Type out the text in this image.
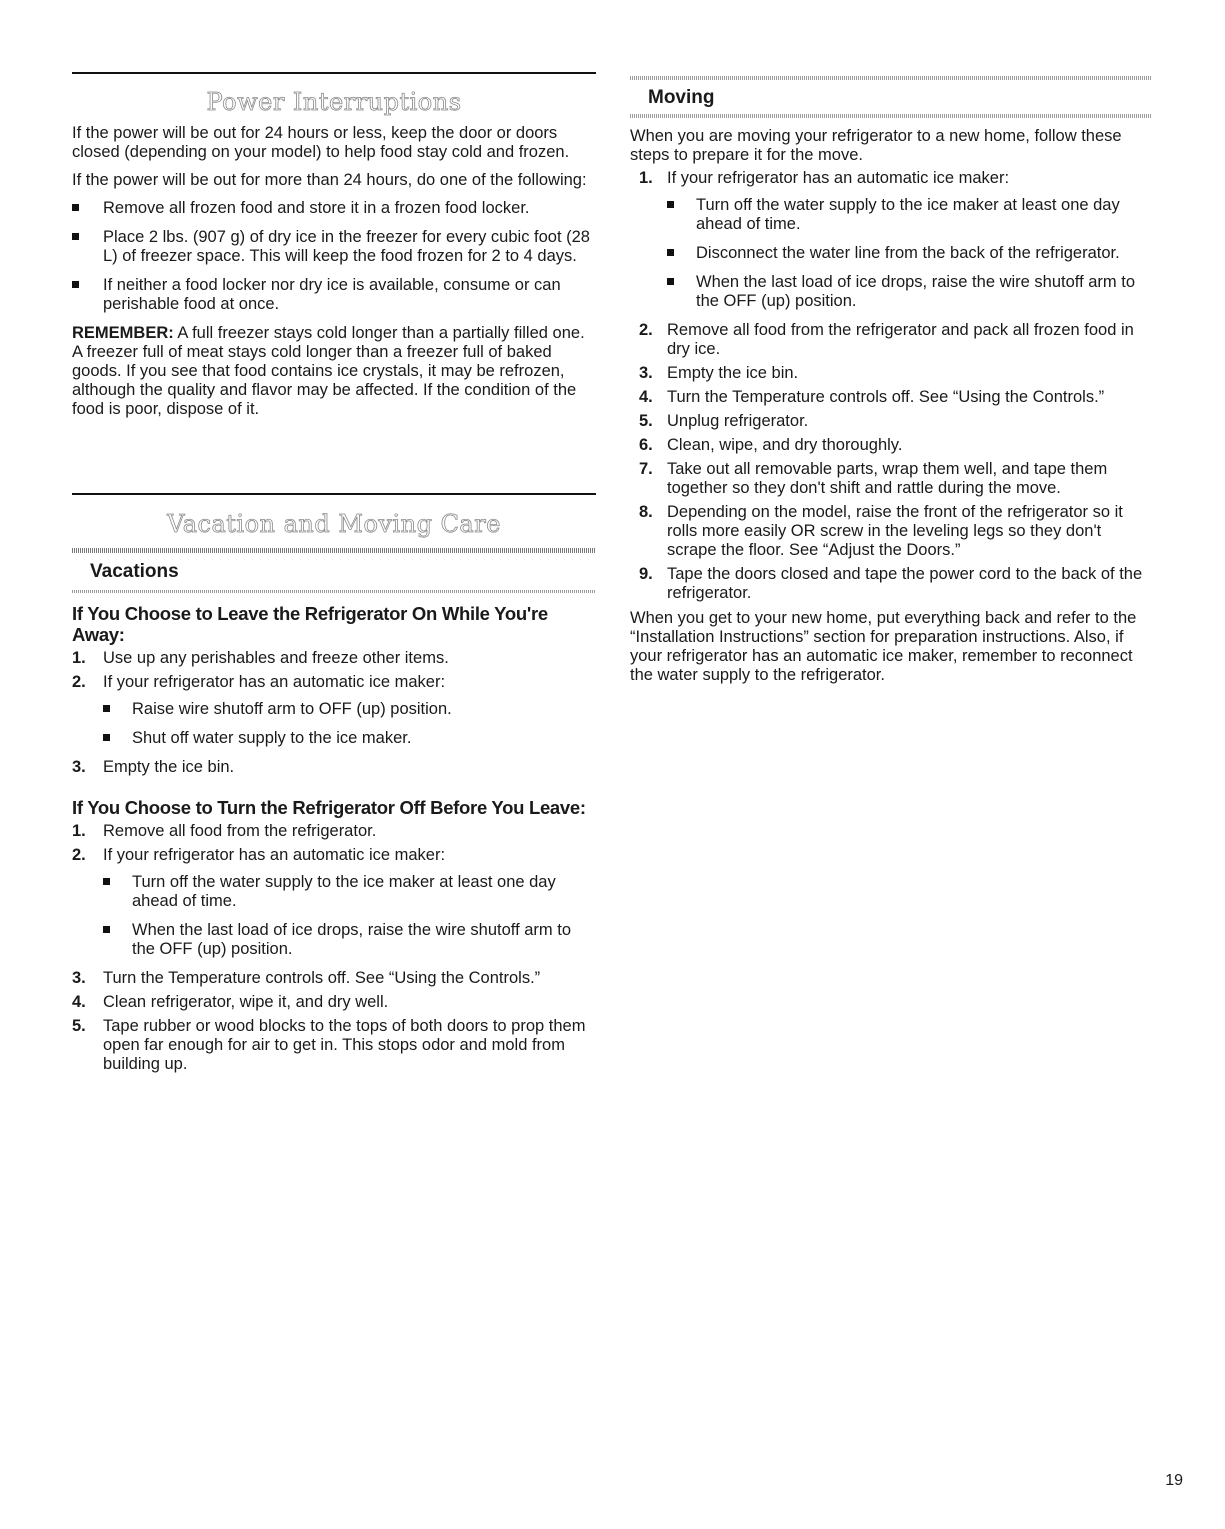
Power Interruptions

If the power will be out for 24 hours or less, keep the door or doors closed (depending on your model) to help food stay cold and frozen.

If the power will be out for more than 24 hours, do one of the following:

Remove all frozen food and store it in a frozen food locker.
Place 2 lbs. (907 g) of dry ice in the freezer for every cubic foot (28 L) of freezer space. This will keep the food frozen for 2 to 4 days.
If neither a food locker nor dry ice is available, consume or can perishable food at once.

REMEMBER: A full freezer stays cold longer than a partially filled one. A freezer full of meat stays cold longer than a freezer full of baked goods. If you see that food contains ice crystals, it may be refrozen, although the quality and flavor may be affected. If the condition of the food is poor, dispose of it.

Vacation and Moving Care
Vacations
If You Choose to Leave the Refrigerator On While You're Away:
1. Use up any perishables and freeze other items.
2. If your refrigerator has an automatic ice maker:
Raise wire shutoff arm to OFF (up) position.
Shut off water supply to the ice maker.
3. Empty the ice bin.
If You Choose to Turn the Refrigerator Off Before You Leave:
1. Remove all food from the refrigerator.
2. If your refrigerator has an automatic ice maker:
Turn off the water supply to the ice maker at least one day ahead of time.
When the last load of ice drops, raise the wire shutoff arm to the OFF (up) position.
3. Turn the Temperature controls off. See “Using the Controls.”
4. Clean refrigerator, wipe it, and dry well.
5. Tape rubber or wood blocks to the tops of both doors to prop them open far enough for air to get in. This stops odor and mold from building up.
Moving

When you are moving your refrigerator to a new home, follow these steps to prepare it for the move.

1. If your refrigerator has an automatic ice maker:
Turn off the water supply to the ice maker at least one day ahead of time.
Disconnect the water line from the back of the refrigerator.
When the last load of ice drops, raise the wire shutoff arm to the OFF (up) position.
2. Remove all food from the refrigerator and pack all frozen food in dry ice.
3. Empty the ice bin.
4. Turn the Temperature controls off. See “Using the Controls.”
5. Unplug refrigerator.
6. Clean, wipe, and dry thoroughly.
7. Take out all removable parts, wrap them well, and tape them together so they don't shift and rattle during the move.
8. Depending on the model, raise the front of the refrigerator so it rolls more easily OR screw in the leveling legs so they don't scrape the floor. See “Adjust the Doors.”
9. Tape the doors closed and tape the power cord to the back of the refrigerator.

When you get to your new home, put everything back and refer to the “Installation Instructions” section for preparation instructions. Also, if your refrigerator has an automatic ice maker, remember to reconnect the water supply to the refrigerator.

19
